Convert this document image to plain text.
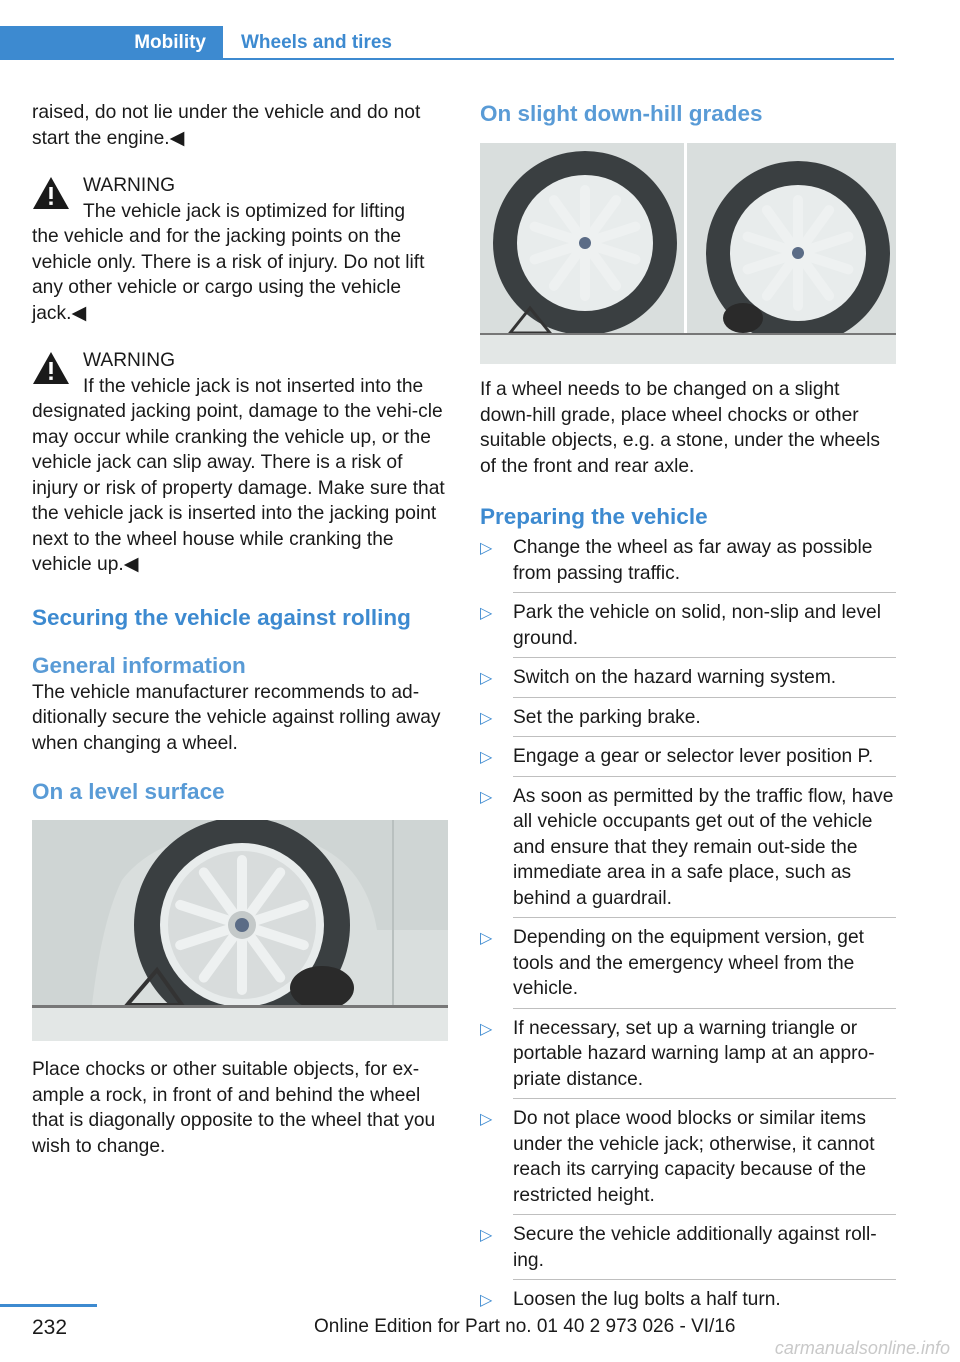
Mobility	Wheels and tires

raised, do not lie under the vehicle and do not start the engine.◀

WARNING
The vehicle jack is optimized for lifting
the vehicle and for the jacking points on the vehicle only. There is a risk of injury. Do not lift any other vehicle or cargo using the vehicle jack.◀
WARNING
If the vehicle jack is not inserted into the
designated jacking point, damage to the vehi‐cle may occur while cranking the vehicle up, or the vehicle jack can slip away. There is a risk of injury or risk of property damage. Make sure that the vehicle jack is inserted into the jacking point next to the wheel house while cranking the vehicle up.◀
Securing the vehicle against rolling
General information

The vehicle manufacturer recommends to ad‐ditionally secure the vehicle against rolling away when changing a wheel.

On a level surface

Place chocks or other suitable objects, for ex‐ample a rock, in front of and behind the wheel that is diagonally opposite to the wheel that you wish to change.

On slight down-hill grades

If a wheel needs to be changed on a slight down-hill grade, place wheel chocks or other suitable objects, e.g. a stone, under the wheels of the front and rear axle.

Preparing the vehicle
▷ Change the wheel as far away as possible from passing traffic.
▷ Park the vehicle on solid, non-slip and level ground.
▷ Switch on the hazard warning system.
▷ Set the parking brake.
▷ Engage a gear or selector lever position P.
▷ As soon as permitted by the traffic flow, have all vehicle occupants get out of the vehicle and ensure that they remain out‐side the immediate area in a safe place, such as behind a guardrail.
▷ Depending on the equipment version, get tools and the emergency wheel from the vehicle.
▷ If necessary, set up a warning triangle or portable hazard warning lamp at an appro‐priate distance.
▷ Do not place wood blocks or similar items under the vehicle jack; otherwise, it cannot reach its carrying capacity because of the restricted height.
▷ Secure the vehicle additionally against roll‐ing.
▷ Loosen the lug bolts a half turn.
232	Online Edition for Part no. 01 40 2 973 026 - VI/16
carmanualsonline.info
